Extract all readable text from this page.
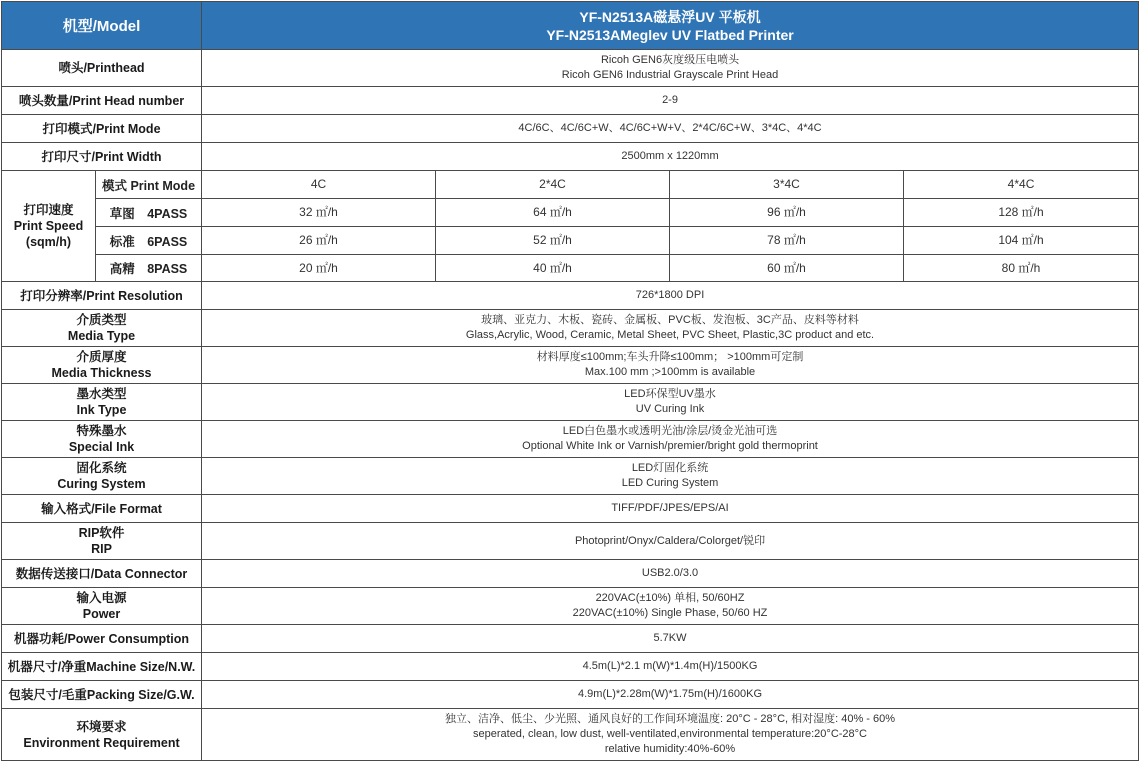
机型/Model		YF-N2513A磁悬浮UV 平板机
YF-N2513AMeglev UV Flatbed Printer			

喷头/Printhead		Ricoh GEN6灰度级压电喷头
Ricoh GEN6 Industrial Grayscale Print Head			

喷头数量/Print Head number		2-9			
打印模式/Print Mode		4C/6C、4C/6C+W、4C/6C+W+V、2*4C/6C+W、3*4C、4*4C			
打印尺寸/Print Width		2500mm x 1220mm			

打印速度
Print Speed
(sqm/h)	模式 Print Mode	4C	2*4C	3*4C	4*4C
	草图　4PASS	32 ㎡/h	64 ㎡/h	96 ㎡/h	128 ㎡/h
	标准　6PASS	26 ㎡/h	52 ㎡/h	78 ㎡/h	104 ㎡/h
	高精　8PASS	20 ㎡/h	40 ㎡/h	60 ㎡/h	80 ㎡/h
打印分辨率/Print Resolution		726*1800 DPI			

介质类型
Media Type		玻璃、亚克力、木板、瓷砖、金属板、PVC板、发泡板、3C产品、皮料等材料
Glass,Acrylic, Wood, Ceramic, Metal Sheet, PVC Sheet, Plastic,3C product and etc.			

介质厚度
Media Thickness		材料厚度≤100mm;车头升降≤100mm； >100mm可定制
Max.100 mm ;>100mm is available			

墨水类型
Ink Type		LED环保型UV墨水
UV Curing Ink			

特殊墨水
Special Ink		LED白色墨水或透明光油/涂层/烫金光油可选
Optional White Ink or Varnish/premier/bright gold thermoprint			

固化系统
Curing System		LED灯固化系统
LED Curing System			

输入格式/File Format		TIFF/PDF/JPES/EPS/AI			

RIP软件
RIP		Photoprint/Onyx/Caldera/Colorget/锐印			
数据传送接口/Data Connector		USB2.0/3.0			

输入电源
Power		220VAC(±10%) 单相, 50/60HZ
220VAC(±10%) Single Phase, 50/60 HZ			

机器功耗/Power Consumption		5.7KW			
机器尺寸/净重Machine Size/N.W.		4.5m(L)*2.1 m(W)*1.4m(H)/1500KG			
包装尺寸/毛重Packing Size/G.W.		4.9m(L)*2.28m(W)*1.75m(H)/1600KG			

环境要求
Environment Requirement		独立、洁净、低尘、少光照、通风良好的工作间环境温度: 20°C - 28°C, 相对湿度: 40% - 60%
seperated, clean, low dust, well-ventilated,environmental temperature:20°C-28°C
relative humidity:40%-60%			
